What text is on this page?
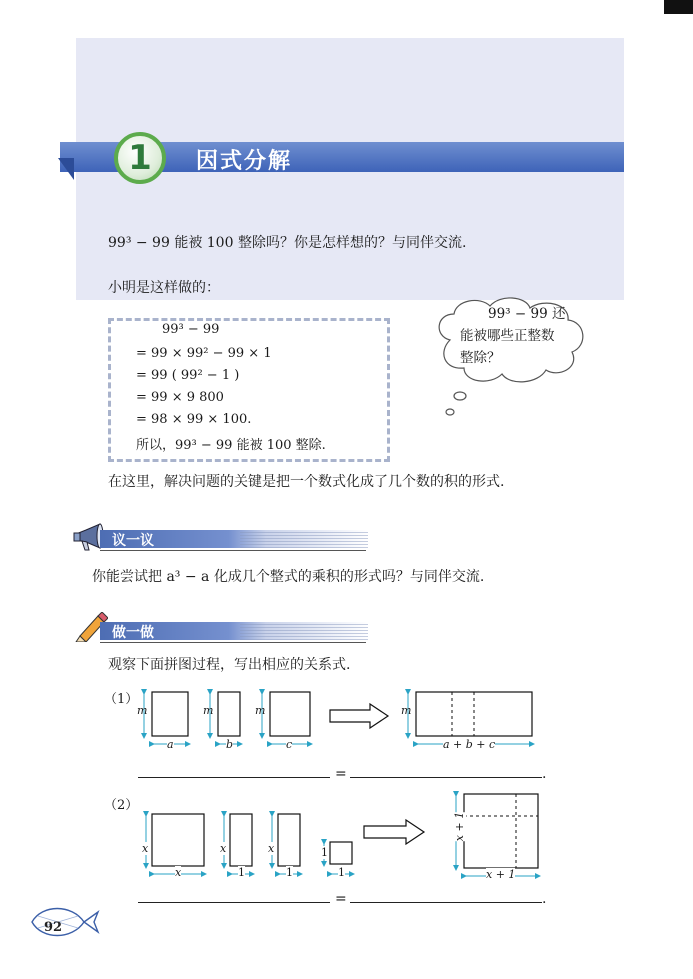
1	因式分解
99³ − 99 能被 100 整除吗？你是怎样想的？与同伴交流.
小明是这样做的：
99³ − 99
= 99 × 99² − 99 × 1
= 99 ( 99² − 1 )
= 99 × 9 800
= 98 × 99 × 100.
所以，99³ − 99 能被 100 整除.
99³ − 99 还
能被哪些正整数
整除？
在这里，解决问题的关键是把一个数式化成了几个数的积的形式.
议一议
你能尝试把 a³ − a 化成几个整式的乘积的形式吗？与同伴交流.
做一做
观察下面拼图过程，写出相应的关系式.
（1）
m	m	m	m
a	b	c	a + b + c
=	.
（2）
x
x
x
1
x
1
1
1
x + 1
x + 1
=	.
92
